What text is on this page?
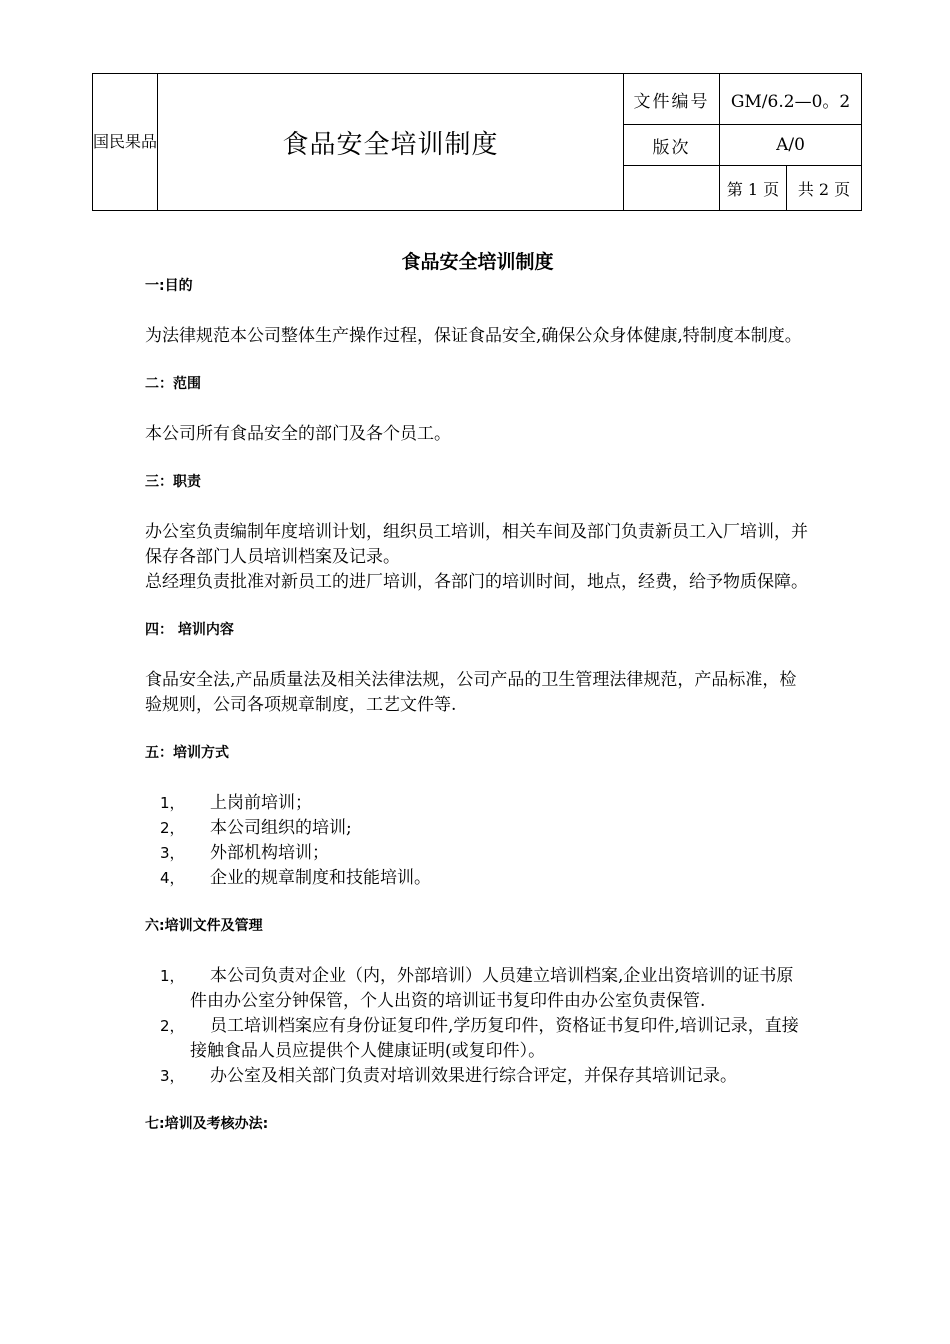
国民果品	食品安全培训制度	文件编号	GM/6.2—0。2	
		版次	A/0	
			第 1 页	共 2 页
食品安全培训制度

一:目的

为法律规范本公司整体生产操作过程，保证食品安全,确保公众身体健康,特制度本制度。

二：范围

本公司所有食品安全的部门及各个员工。

三：职责

办公室负责编制年度培训计划，组织员工培训，相关车间及部门负责新员工入厂培训，并保存各部门人员培训档案及记录。

总经理负责批准对新员工的进厂培训，各部门的培训时间，地点，经费，给予物质保障。

四： 培训内容

食品安全法,产品质量法及相关法律法规，公司产品的卫生管理法律规范，产品标准，检验规则，公司各项规章制度，工艺文件等.

五：培训方式

1， 上岗前培训；

2， 本公司组织的培训;

3， 外部机构培训；

4， 企业的规章制度和技能培训。

六:培训文件及管理

1，	本公司负责对企业（内，外部培训）人员建立培训档案,企业出资培训的证书原件由办公室分钟保管，个人出资的培训证书复印件由办公室负责保管.
2，	员工培训档案应有身份证复印件,学历复印件，资格证书复印件,培训记录，直接接触食品人员应提供个人健康证明(或复印件）。
3，	办公室及相关部门负责对培训效果进行综合评定，并保存其培训记录。

七:培训及考核办法:
